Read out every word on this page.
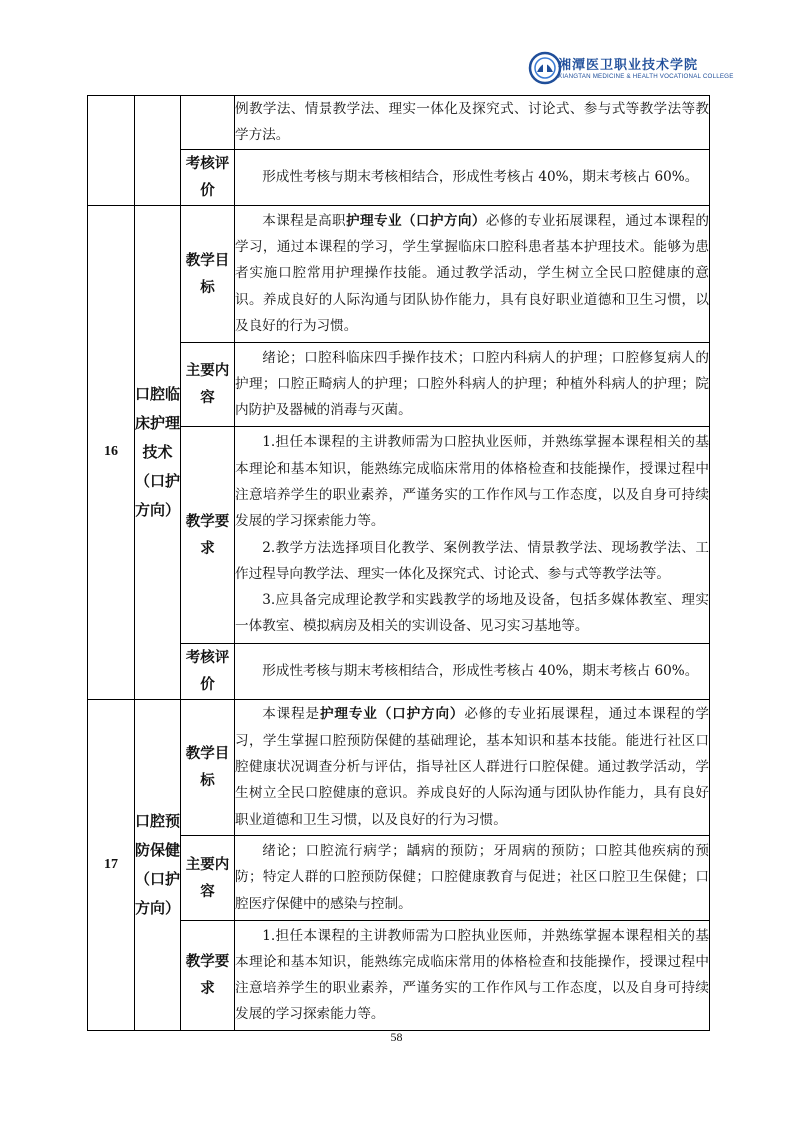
湘潭医卫职业技术学院
XIANGTAN MEDICINE & HEALTH VOCATIONAL COLLEGE

			例教学法、情景教学法、理实一体化及探究式、讨论式、参与式等教学法等教学方法。

		考核评价	形成性考核与期末考核相结合，形成性考核占 40%，期末考核占 60%。

16	口腔临床护理技术（口护方向）	教学目标	本课程是高职护理专业（口护方向）必修的专业拓展课程，通过本课程的学习，通过本课程的学习，学生掌握临床口腔科患者基本护理技术。能够为患者实施口腔常用护理操作技能。通过教学活动，学生树立全民口腔健康的意识。养成良好的人际沟通与团队协作能力，具有良好职业道德和卫生习惯，以及良好的行为习惯。

		主要内容	绪论；口腔科临床四手操作技术；口腔内科病人的护理；口腔修复病人的护理；口腔正畸病人的护理；口腔外科病人的护理；种植外科病人的护理；院内防护及器械的消毒与灭菌。

		教学要求	1.担任本课程的主讲教师需为口腔执业医师，并熟练掌握本课程相关的基本理论和基本知识，能熟练完成临床常用的体格检查和技能操作，授课过程中注意培养学生的职业素养，严谨务实的工作作风与工作态度，以及自身可持续发展的学习探索能力等。

2.教学方法选择项目化教学、案例教学法、情景教学法、现场教学法、工作过程导向教学法、理实一体化及探究式、讨论式、参与式等教学法等。

3.应具备完成理论教学和实践教学的场地及设备，包括多媒体教室、理实一体教室、模拟病房及相关的实训设备、见习实习基地等。

		考核评价	形成性考核与期末考核相结合，形成性考核占 40%，期末考核占 60%。

17	口腔预防保健（口护方向）	教学目标	本课程是护理专业（口护方向）必修的专业拓展课程，通过本课程的学习，学生掌握口腔预防保健的基础理论，基本知识和基本技能。能进行社区口腔健康状况调查分析与评估，指导社区人群进行口腔保健。通过教学活动，学生树立全民口腔健康的意识。养成良好的人际沟通与团队协作能力，具有良好职业道德和卫生习惯，以及良好的行为习惯。

		主要内容	绪论；口腔流行病学；龋病的预防；牙周病的预防；口腔其他疾病的预防；特定人群的口腔预防保健；口腔健康教育与促进；社区口腔卫生保健；口腔医疗保健中的感染与控制。

		教学要求	1.担任本课程的主讲教师需为口腔执业医师，并熟练掌握本课程相关的基本理论和基本知识，能熟练完成临床常用的体格检查和技能操作，授课过程中注意培养学生的职业素养，严谨务实的工作作风与工作态度，以及自身可持续发展的学习探索能力等。

58
